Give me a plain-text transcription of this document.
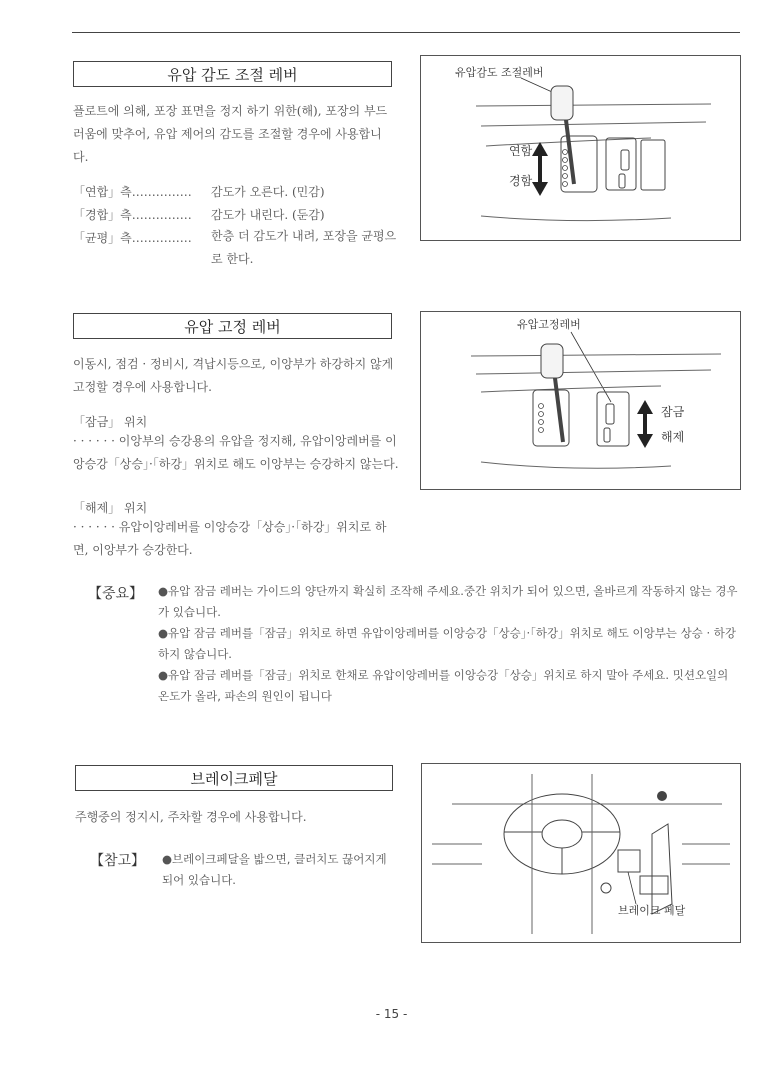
유압 감도 조절 레버
플로트에 의해, 포장 표면을 정지 하기 위한(해), 포장의 부드러움에 맞추어, 유압 제어의 감도를 조절할 경우에 사용합니다.
「연합」측…………… 감도가 오른다. (민감)
「경합」측…………… 감도가 내린다. (둔감)
「균평」측…………… 한층 더 감도가 내려, 포장을 균평으로 한다.
유압감도 조절레버
연함
경함
유압 고정 레버
이동시, 점검 · 정비시, 격납시등으로, 이앙부가 하강하지 않게 고정할 경우에 사용합니다.
「잠금」 위치
· · · · · · 이앙부의 승강용의 유압을 정지해, 유압이앙레버를 이앙승강「상승」·「하강」위치로 해도 이앙부는 승강하지 않는다.
「해제」 위치
· · · · · · 유압이앙레버를 이앙승강「상승」·「하강」위치로 하면, 이앙부가 승강한다.
유압고정레버
잠금
해제
【중요】 ●유압 잠금 레버는 가이드의 양단까지 확실히 조작해 주세요.중간 위치가 되어 있으면, 올바르게 작동하지 않는 경우가 있습니다.
●유압 잠금 레버를「잠금」위치로 하면 유압이앙레버를 이앙승강「상승」·「하강」위치로 해도 이앙부는 상승 · 하강하지 않습니다.
●유압 잠금 레버를「잠금」위치로 한채로 유압이앙레버를 이앙승강「상승」위치로 하지 말아 주세요. 밋션오일의 온도가 올라, 파손의 원인이 됩니다
브레이크페달
주행중의 정지시, 주차할 경우에 사용합니다.
【참고】 ●브레이크페달을 밟으면, 클러치도 끊어지게 되어 있습니다.
브레이크 페달
- 15 -
